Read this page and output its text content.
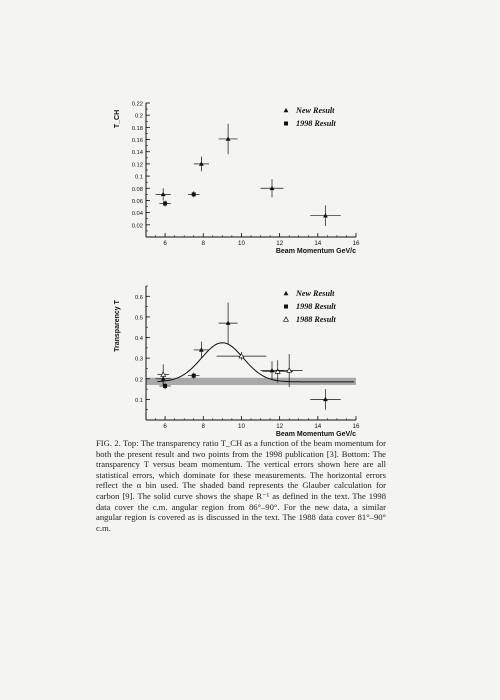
0.02
0.04
0.06
0.08
0.1
0.12
0.14
0.16
0.18
0.2
0.22
6	8	10	12	14	16
Beam Momentum GeV/c
T_CH	New Result
1998 Result
0.1
0.2
0.3
0.4
0.5
0.6
6	8	10	12	14	16
Beam Momentum GeV/c
Transparency T
New Result
1998 Result
1988 Result

FIG. 2. Top: The transparency ratio T_CH as a function of the beam momentum for both the present result and two points from the 1998 publication [3]. Bottom: The transparency T versus beam momentum. The vertical errors shown here are all statistical errors, which dominate for these measurements. The horizontal errors reflect the α bin used. The shaded band represents the Glauber calculation for carbon [9]. The solid curve shows the shape R⁻¹ as defined in the text. The 1998 data cover the c.m. angular region from 86°–90°. For the new data, a similar angular region is covered as is discussed in the text. The 1988 data cover 81°–90° c.m.
